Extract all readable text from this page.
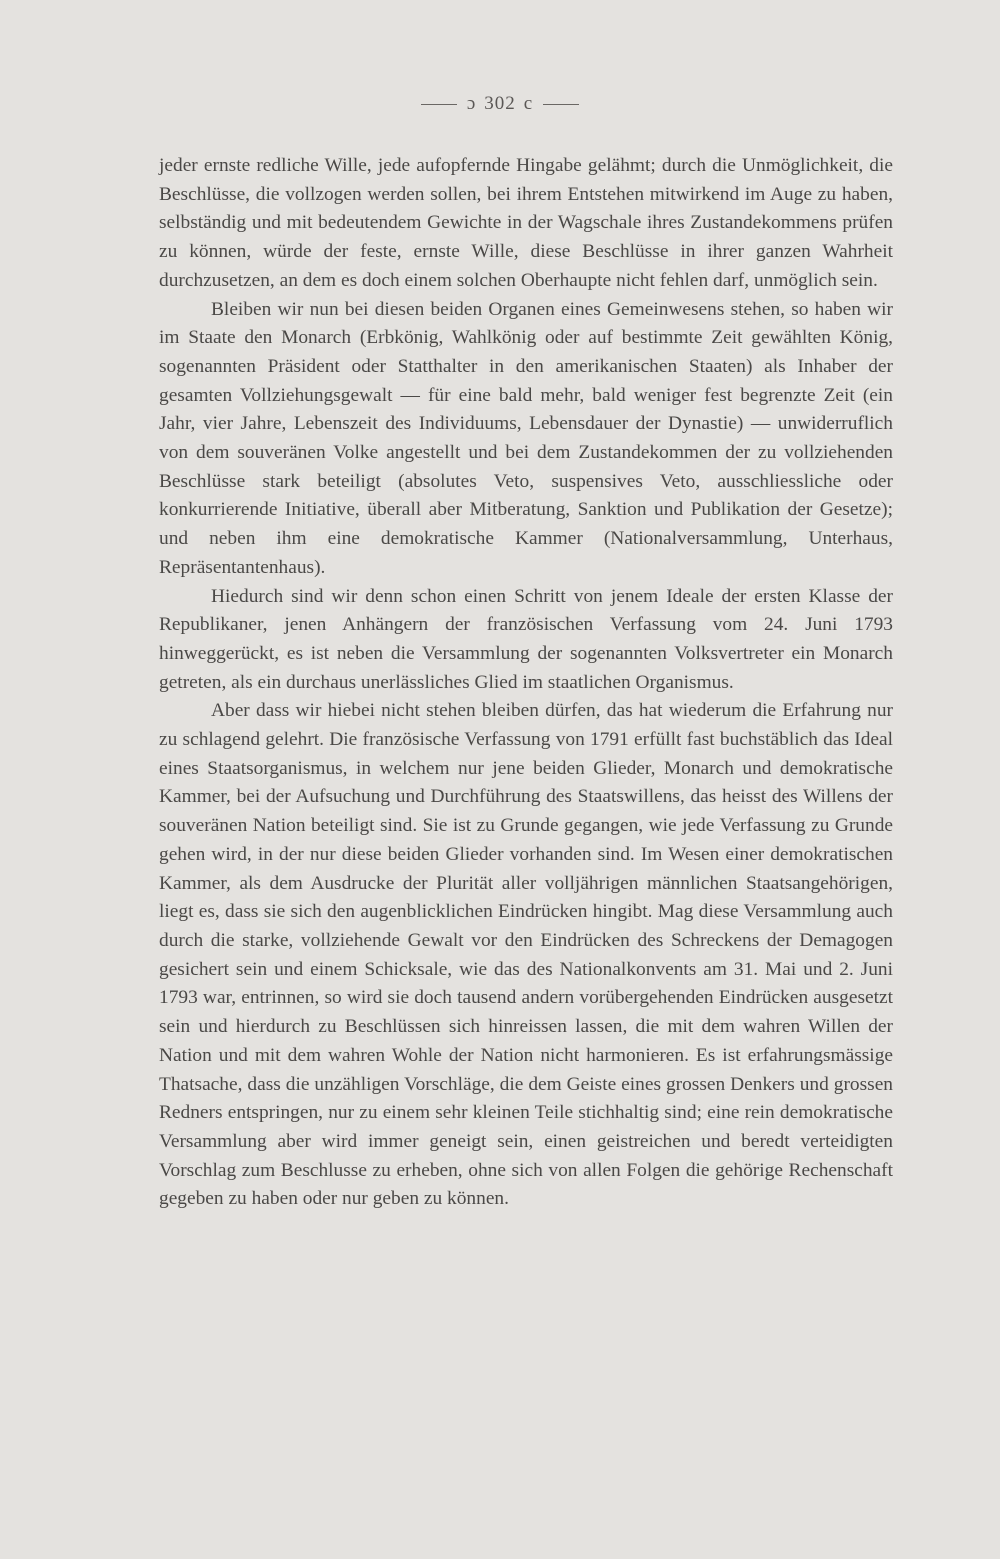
ɔ 302 c

jeder ernste redliche Wille, jede aufopfernde Hingabe gelähmt; durch die Unmöglichkeit, die Beschlüsse, die vollzogen werden sollen, bei ihrem Entstehen mitwirkend im Auge zu haben, selbständig und mit bedeutendem Gewichte in der Wagschale ihres Zustandekommens prüfen zu können, würde der feste, ernste Wille, diese Beschlüsse in ihrer ganzen Wahrheit durchzusetzen, an dem es doch einem solchen Oberhaupte nicht fehlen darf, unmöglich sein.

Bleiben wir nun bei diesen beiden Organen eines Gemeinwesens stehen, so haben wir im Staate den Monarch (Erbkönig, Wahlkönig oder auf bestimmte Zeit gewählten König, sogenannten Präsident oder Statthalter in den amerikanischen Staaten) als Inhaber der gesamten Vollziehungsgewalt — für eine bald mehr, bald weniger fest begrenzte Zeit (ein Jahr, vier Jahre, Lebenszeit des Individuums, Lebensdauer der Dynastie) — unwiderruflich von dem souveränen Volke angestellt und bei dem Zustandekommen der zu vollziehenden Beschlüsse stark beteiligt (absolutes Veto, suspensives Veto, ausschliessliche oder konkurrierende Initiative, überall aber Mitberatung, Sanktion und Publikation der Gesetze); und neben ihm eine demokratische Kammer (Nationalversammlung, Unterhaus, Repräsentantenhaus).

Hiedurch sind wir denn schon einen Schritt von jenem Ideale der ersten Klasse der Republikaner, jenen Anhängern der französischen Verfassung vom 24. Juni 1793 hinweggerückt, es ist neben die Versammlung der sogenannten Volksvertreter ein Monarch getreten, als ein durchaus unerlässliches Glied im staatlichen Organismus.

Aber dass wir hiebei nicht stehen bleiben dürfen, das hat wiederum die Erfahrung nur zu schlagend gelehrt. Die französische Verfassung von 1791 erfüllt fast buchstäblich das Ideal eines Staatsorganismus, in welchem nur jene beiden Glieder, Monarch und demokratische Kammer, bei der Aufsuchung und Durchführung des Staatswillens, das heisst des Willens der souveränen Nation beteiligt sind. Sie ist zu Grunde gegangen, wie jede Verfassung zu Grunde gehen wird, in der nur diese beiden Glieder vorhanden sind. Im Wesen einer demokratischen Kammer, als dem Ausdrucke der Plurität aller volljährigen männlichen Staatsangehörigen, liegt es, dass sie sich den augenblicklichen Eindrücken hingibt. Mag diese Versammlung auch durch die starke, vollziehende Gewalt vor den Eindrücken des Schreckens der Demagogen gesichert sein und einem Schicksale, wie das des Nationalkonvents am 31. Mai und 2. Juni 1793 war, entrinnen, so wird sie doch tausend andern vorübergehenden Eindrücken ausgesetzt sein und hierdurch zu Beschlüssen sich hinreissen lassen, die mit dem wahren Willen der Nation und mit dem wahren Wohle der Nation nicht harmonieren. Es ist erfahrungsmässige Thatsache, dass die unzähligen Vorschläge, die dem Geiste eines grossen Denkers und grossen Redners entspringen, nur zu einem sehr kleinen Teile stichhaltig sind; eine rein demokratische Versammlung aber wird immer geneigt sein, einen geistreichen und beredt verteidigten Vorschlag zum Beschlusse zu erheben, ohne sich von allen Folgen die gehörige Rechenschaft gegeben zu haben oder nur geben zu können.
